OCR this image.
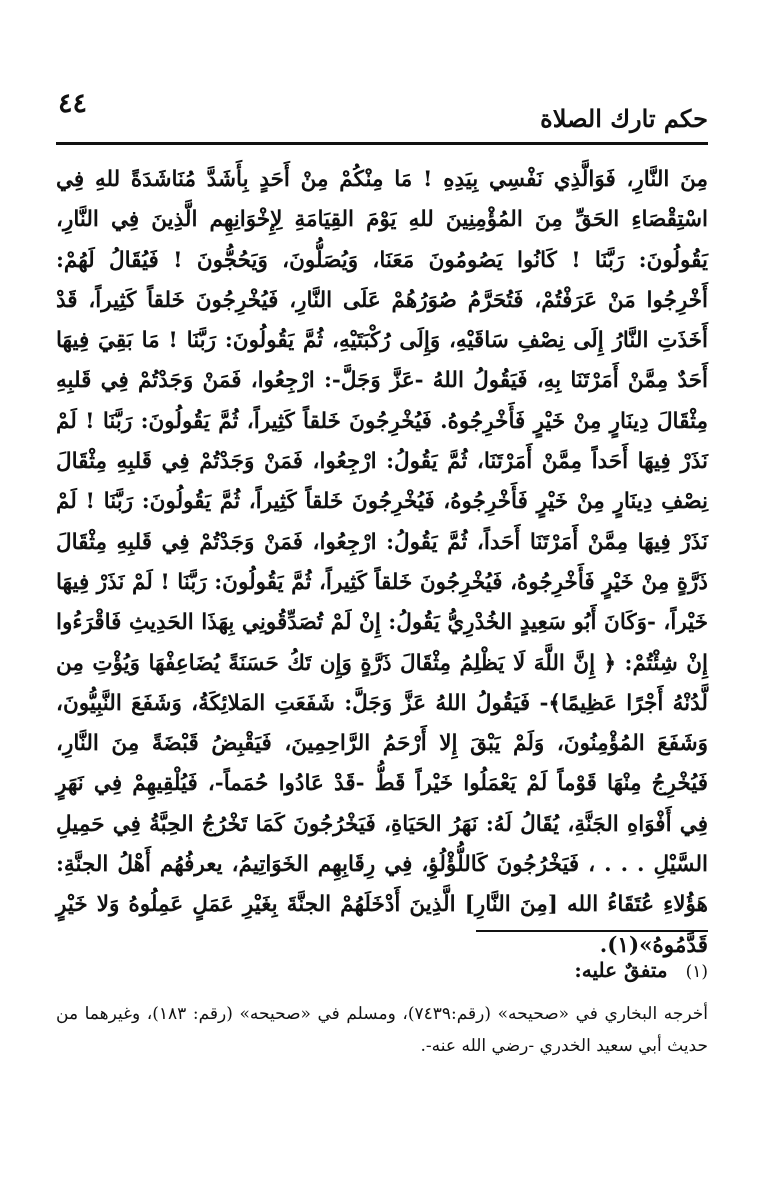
٤٤	حكم تارك الصلاة
مِنَ النَّارِ، فَوَالَّذِي نَفْسِي بِيَدِهِ ! مَا مِنْكُمْ مِنْ أَحَدٍ بِأَشَدَّ مُنَاشَدَةً للهِ فِي اسْتِقْصَاءِ الحَقِّ مِنَ المُؤْمِنِينَ للهِ يَوْمَ القِيَامَةِ لِإِخْوَانِهِم الَّذِينَ فِي النَّارِ، يَقُولُونَ: رَبَّنَا ! كَانُوا يَصُومُونَ مَعَنَا، وَيُصَلُّونَ، وَيَحُجُّونَ ! فَيُقَالُ لَهُمْ: أَخْرِجُوا مَنْ عَرَفْتُمْ، فَتُحَرَّمُ صُوَرُهُمْ عَلَى النَّارِ، فَيُخْرِجُونَ خَلقاً كَثِيراً، قَدْ أَخَذَتِ النَّارُ إِلَى نِصْفِ سَاقَيْهِ، وَإِلَى رُكْبَتَيْهِ، ثُمَّ يَقُولُونَ: رَبَّنَا ! مَا بَقِيَ فِيهَا أَحَدٌ مِمَّنْ أَمَرْتَنَا بِهِ، فَيَقُولُ اللهُ -عَزَّ وَجَلَّ-: ارْجِعُوا، فَمَنْ وَجَدْتُمْ فِي قَلبِهِ مِثْقَالَ دِينَارٍ مِنْ خَيْرٍ فَأَخْرِجُوهُ. فَيُخْرِجُونَ خَلقاً كَثِيراً، ثُمَّ يَقُولُونَ: رَبَّنَا ! لَمْ نَذَرْ فِيهَا أَحَداً مِمَّنْ أَمَرْتَنَا، ثُمَّ يَقُولُ: ارْجِعُوا، فَمَنْ وَجَدْتُمْ فِي قَلبِهِ مِثْقَالَ نِصْفِ دِينَارٍ مِنْ خَيْرٍ فَأَخْرِجُوهُ، فَيُخْرِجُونَ خَلقاً كَثِيراً، ثُمَّ يَقُولُونَ: رَبَّنَا ! لَمْ نَذَرْ فِيهَا مِمَّنْ أَمَرْتَنَا أَحَداً، ثُمَّ يَقُولُ: ارْجِعُوا، فَمَنْ وَجَدْتُمْ فِي قَلبِهِ مِثْقَالَ ذَرَّةٍ مِنْ خَيْرٍ فَأَخْرِجُوهُ، فَيُخْرِجُونَ خَلقاً كَثِيراً، ثُمَّ يَقُولُونَ: رَبَّنَا ! لَمْ نَذَرْ فِيهَا خَيْراً، -وَكَانَ أَبُو سَعِيدٍ الخُدْرِيُّ يَقُولُ: إِنْ لَمْ تُصَدِّقُونِي بِهَذَا الحَدِيثِ فَاقْرَءُوا إِنْ شِئْتُمْ: ﴿ إِنَّ اللَّهَ لَا يَظْلِمُ مِثْقَالَ ذَرَّةٍ وَإِن تَكُ حَسَنَةً يُضَاعِفْهَا وَيُؤْتِ مِن لَّدُنْهُ أَجْرًا عَظِيمًا﴾- فَيَقُولُ اللهُ عَزَّ وَجَلَّ: شَفَعَتِ المَلائِكَةُ، وَشَفَعَ النَّبِيُّونَ، وَشَفَعَ المُؤْمِنُونَ، وَلَمْ يَبْقَ إِلا أَرْحَمُ الرَّاحِمِينَ، فَيَقْبِضُ قَبْضَةً مِنَ النَّارِ، فَيُخْرِجُ مِنْهَا قَوْماً لَمْ يَعْمَلُوا خَيْراً قَطُّ -قَدْ عَادُوا حُمَماً-، فَيُلْقِيهِمْ فِي نَهَرٍ فِي أَفْوَاهِ الجَنَّةِ، يُقَالُ لَهُ: نَهَرُ الحَيَاةِ، فَيَخْرُجُونَ كَمَا تَخْرُجُ الحِبَّةُ فِي حَمِيلِ السَّيْلِ . . . ، فَيَخْرُجُونَ كَاللُّؤْلُؤِ، فِي رِقَابِهِم الخَوَاتِيمُ، يعرفُهُم أَهْلُ الجنَّةِ: هَؤُلاءِ عُتَقَاءُ الله [مِنَ النَّارِ] الَّذِينَ أَدْخَلَهُمْ الجنَّةَ بِغَيْرِ عَمَلٍ عَمِلُوهُ وَلا خَيْرٍ قَدَّمُوهُ»(١).
(١)
متفقٌ عليه:
أخرجه البخاري في «صحيحه» (رقم:٧٤٣٩)، ومسلم في «صحيحه» (رقم: ١٨٣)، وغيرهما من حديث أبي سعيد الخدري -رضي الله عنه-.
